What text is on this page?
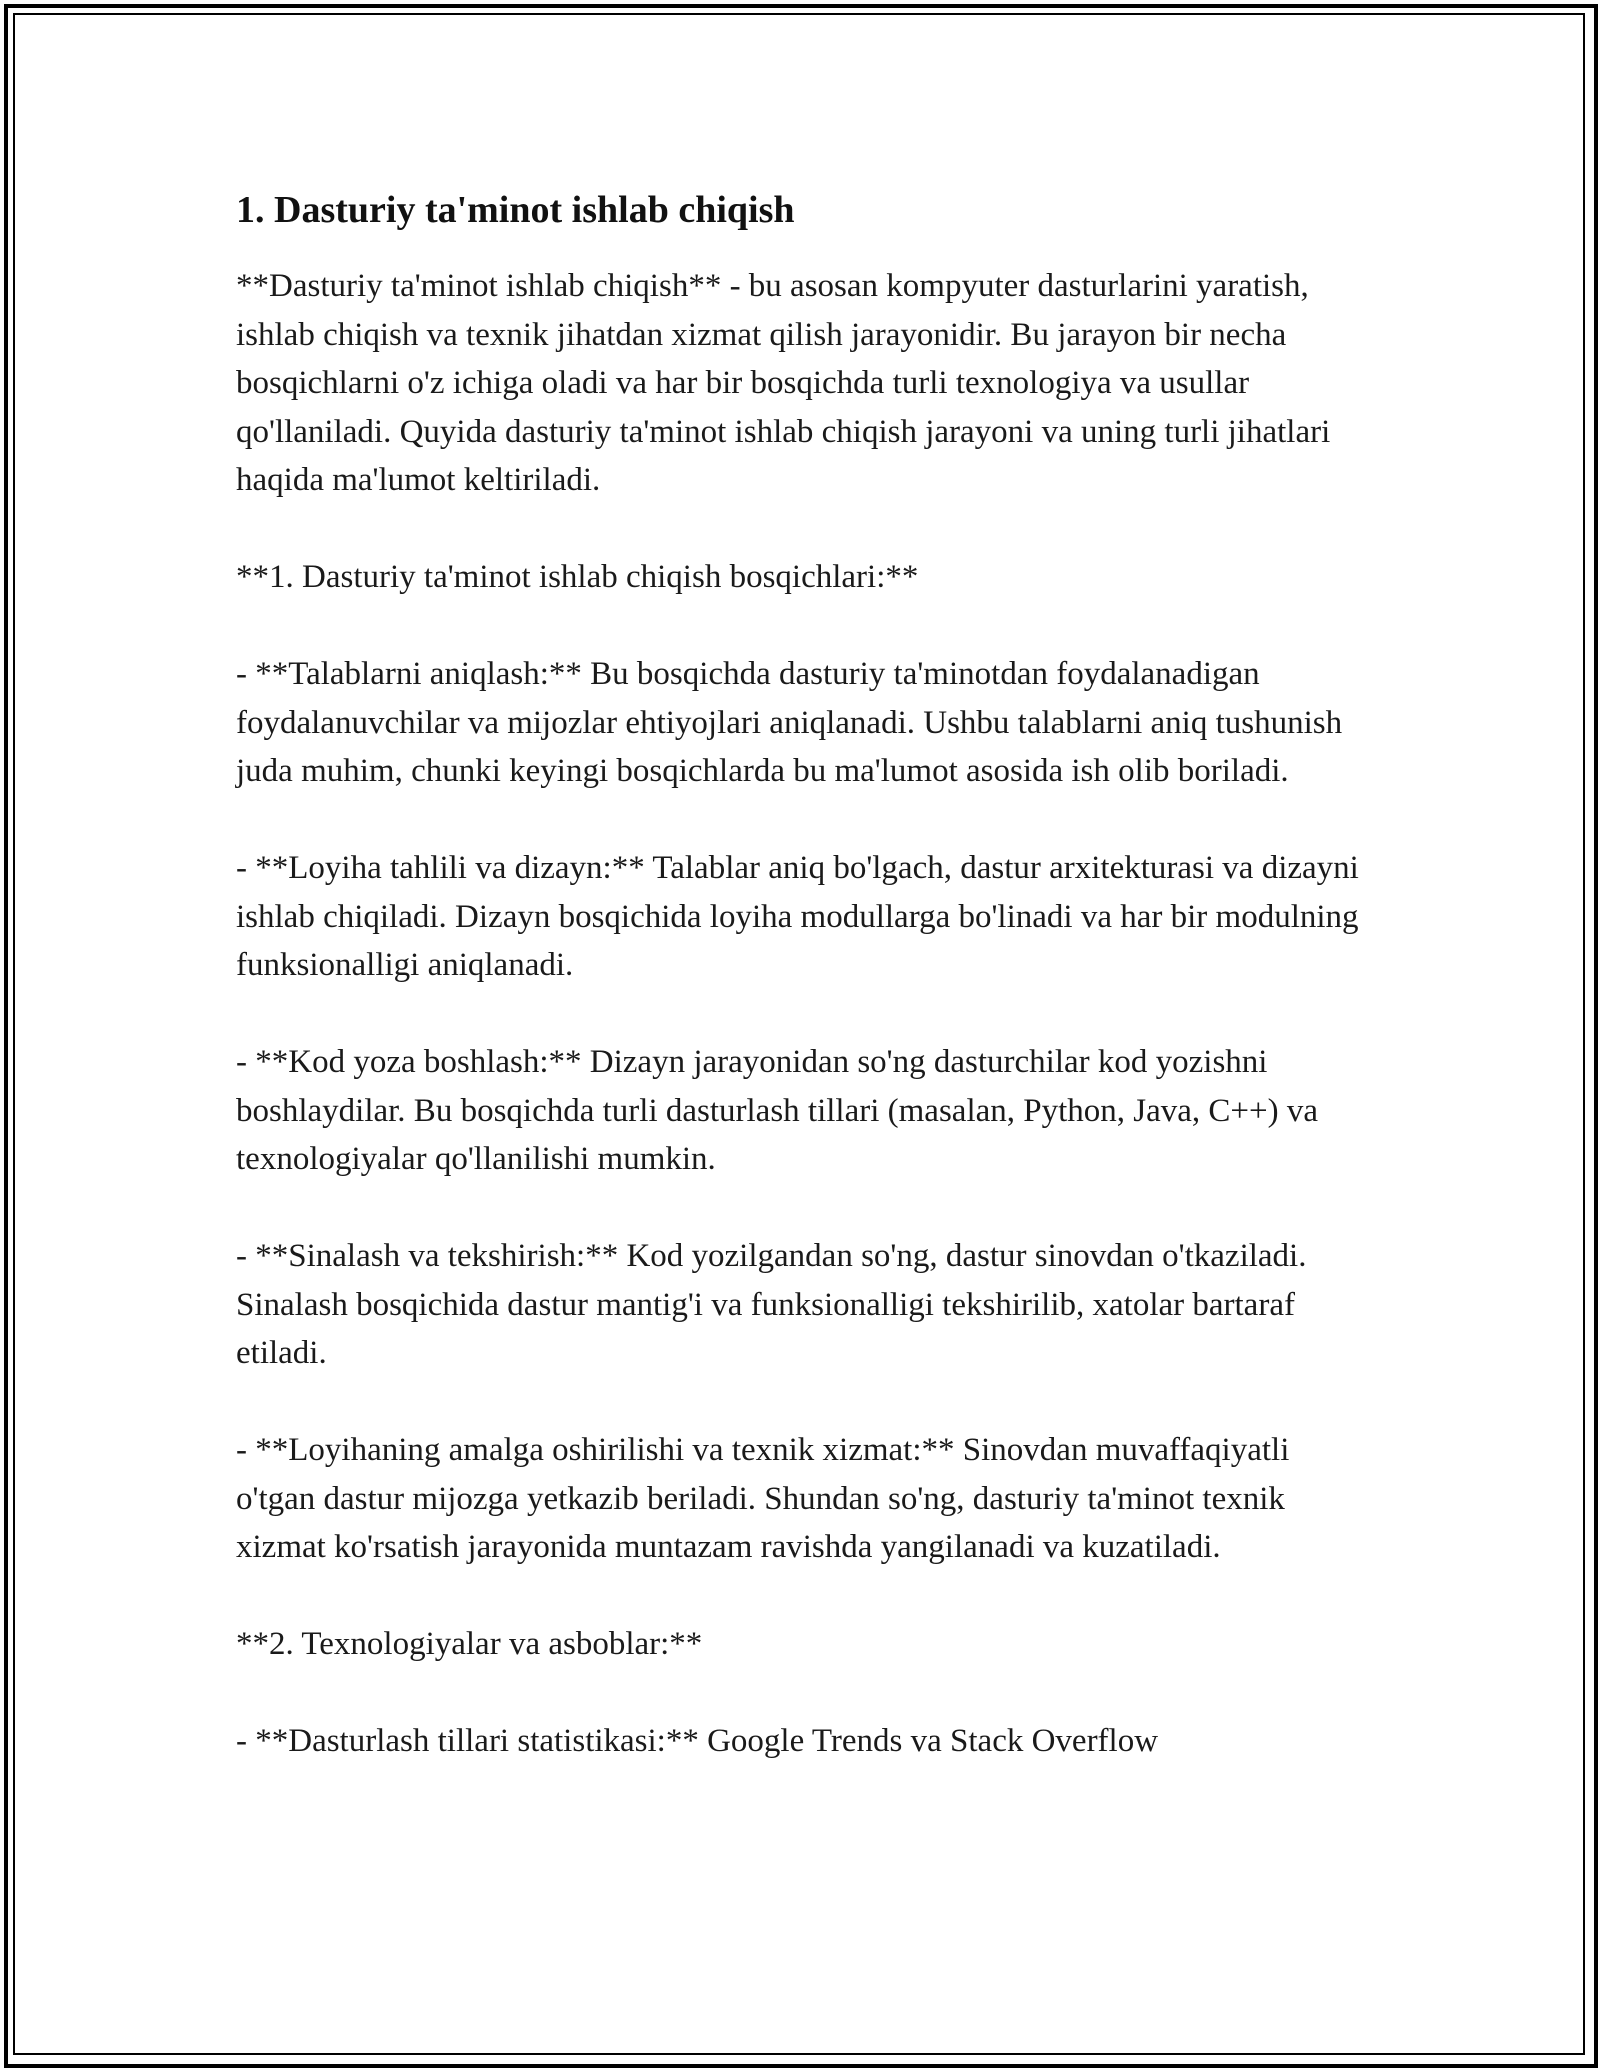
1. Dasturiy ta'minot ishlab chiqish

**Dasturiy ta'minot ishlab chiqish** - bu asosan kompyuter dasturlarini yaratish, ishlab chiqish va texnik jihatdan xizmat qilish jarayonidir. Bu jarayon bir necha bosqichlarni o'z ichiga oladi va har bir bosqichda turli texnologiya va usullar qo'llaniladi. Quyida dasturiy ta'minot ishlab chiqish jarayoni va uning turli jihatlari haqida ma'lumot keltiriladi.

**1. Dasturiy ta'minot ishlab chiqish bosqichlari:**

- **Talablarni aniqlash:** Bu bosqichda dasturiy ta'minotdan foydalanadigan foydalanuvchilar va mijozlar ehtiyojlari aniqlanadi. Ushbu talablarni aniq tushunish juda muhim, chunki keyingi bosqichlarda bu ma'lumot asosida ish olib boriladi.

- **Loyiha tahlili va dizayn:** Talablar aniq bo'lgach, dastur arxitekturasi va dizayni ishlab chiqiladi. Dizayn bosqichida loyiha modullarga bo'linadi va har bir modulning funksionalligi aniqlanadi.

- **Kod yoza boshlash:** Dizayn jarayonidan so'ng dasturchilar kod yozishni boshlaydilar. Bu bosqichda turli dasturlash tillari (masalan, Python, Java, C++) va texnologiyalar qo'llanilishi mumkin.

- **Sinalash va tekshirish:** Kod yozilgandan so'ng, dastur sinovdan o'tkaziladi. Sinalash bosqichida dastur mantig'i va funksionalligi tekshirilib, xatolar bartaraf etiladi.

- **Loyihaning amalga oshirilishi va texnik xizmat:** Sinovdan muvaffaqiyatli o'tgan dastur mijozga yetkazib beriladi. Shundan so'ng, dasturiy ta'minot texnik xizmat ko'rsatish jarayonida muntazam ravishda yangilanadi va kuzatiladi.

**2. Texnologiyalar va asboblar:**

- **Dasturlash tillari statistikasi:** Google Trends va Stack Overflow
